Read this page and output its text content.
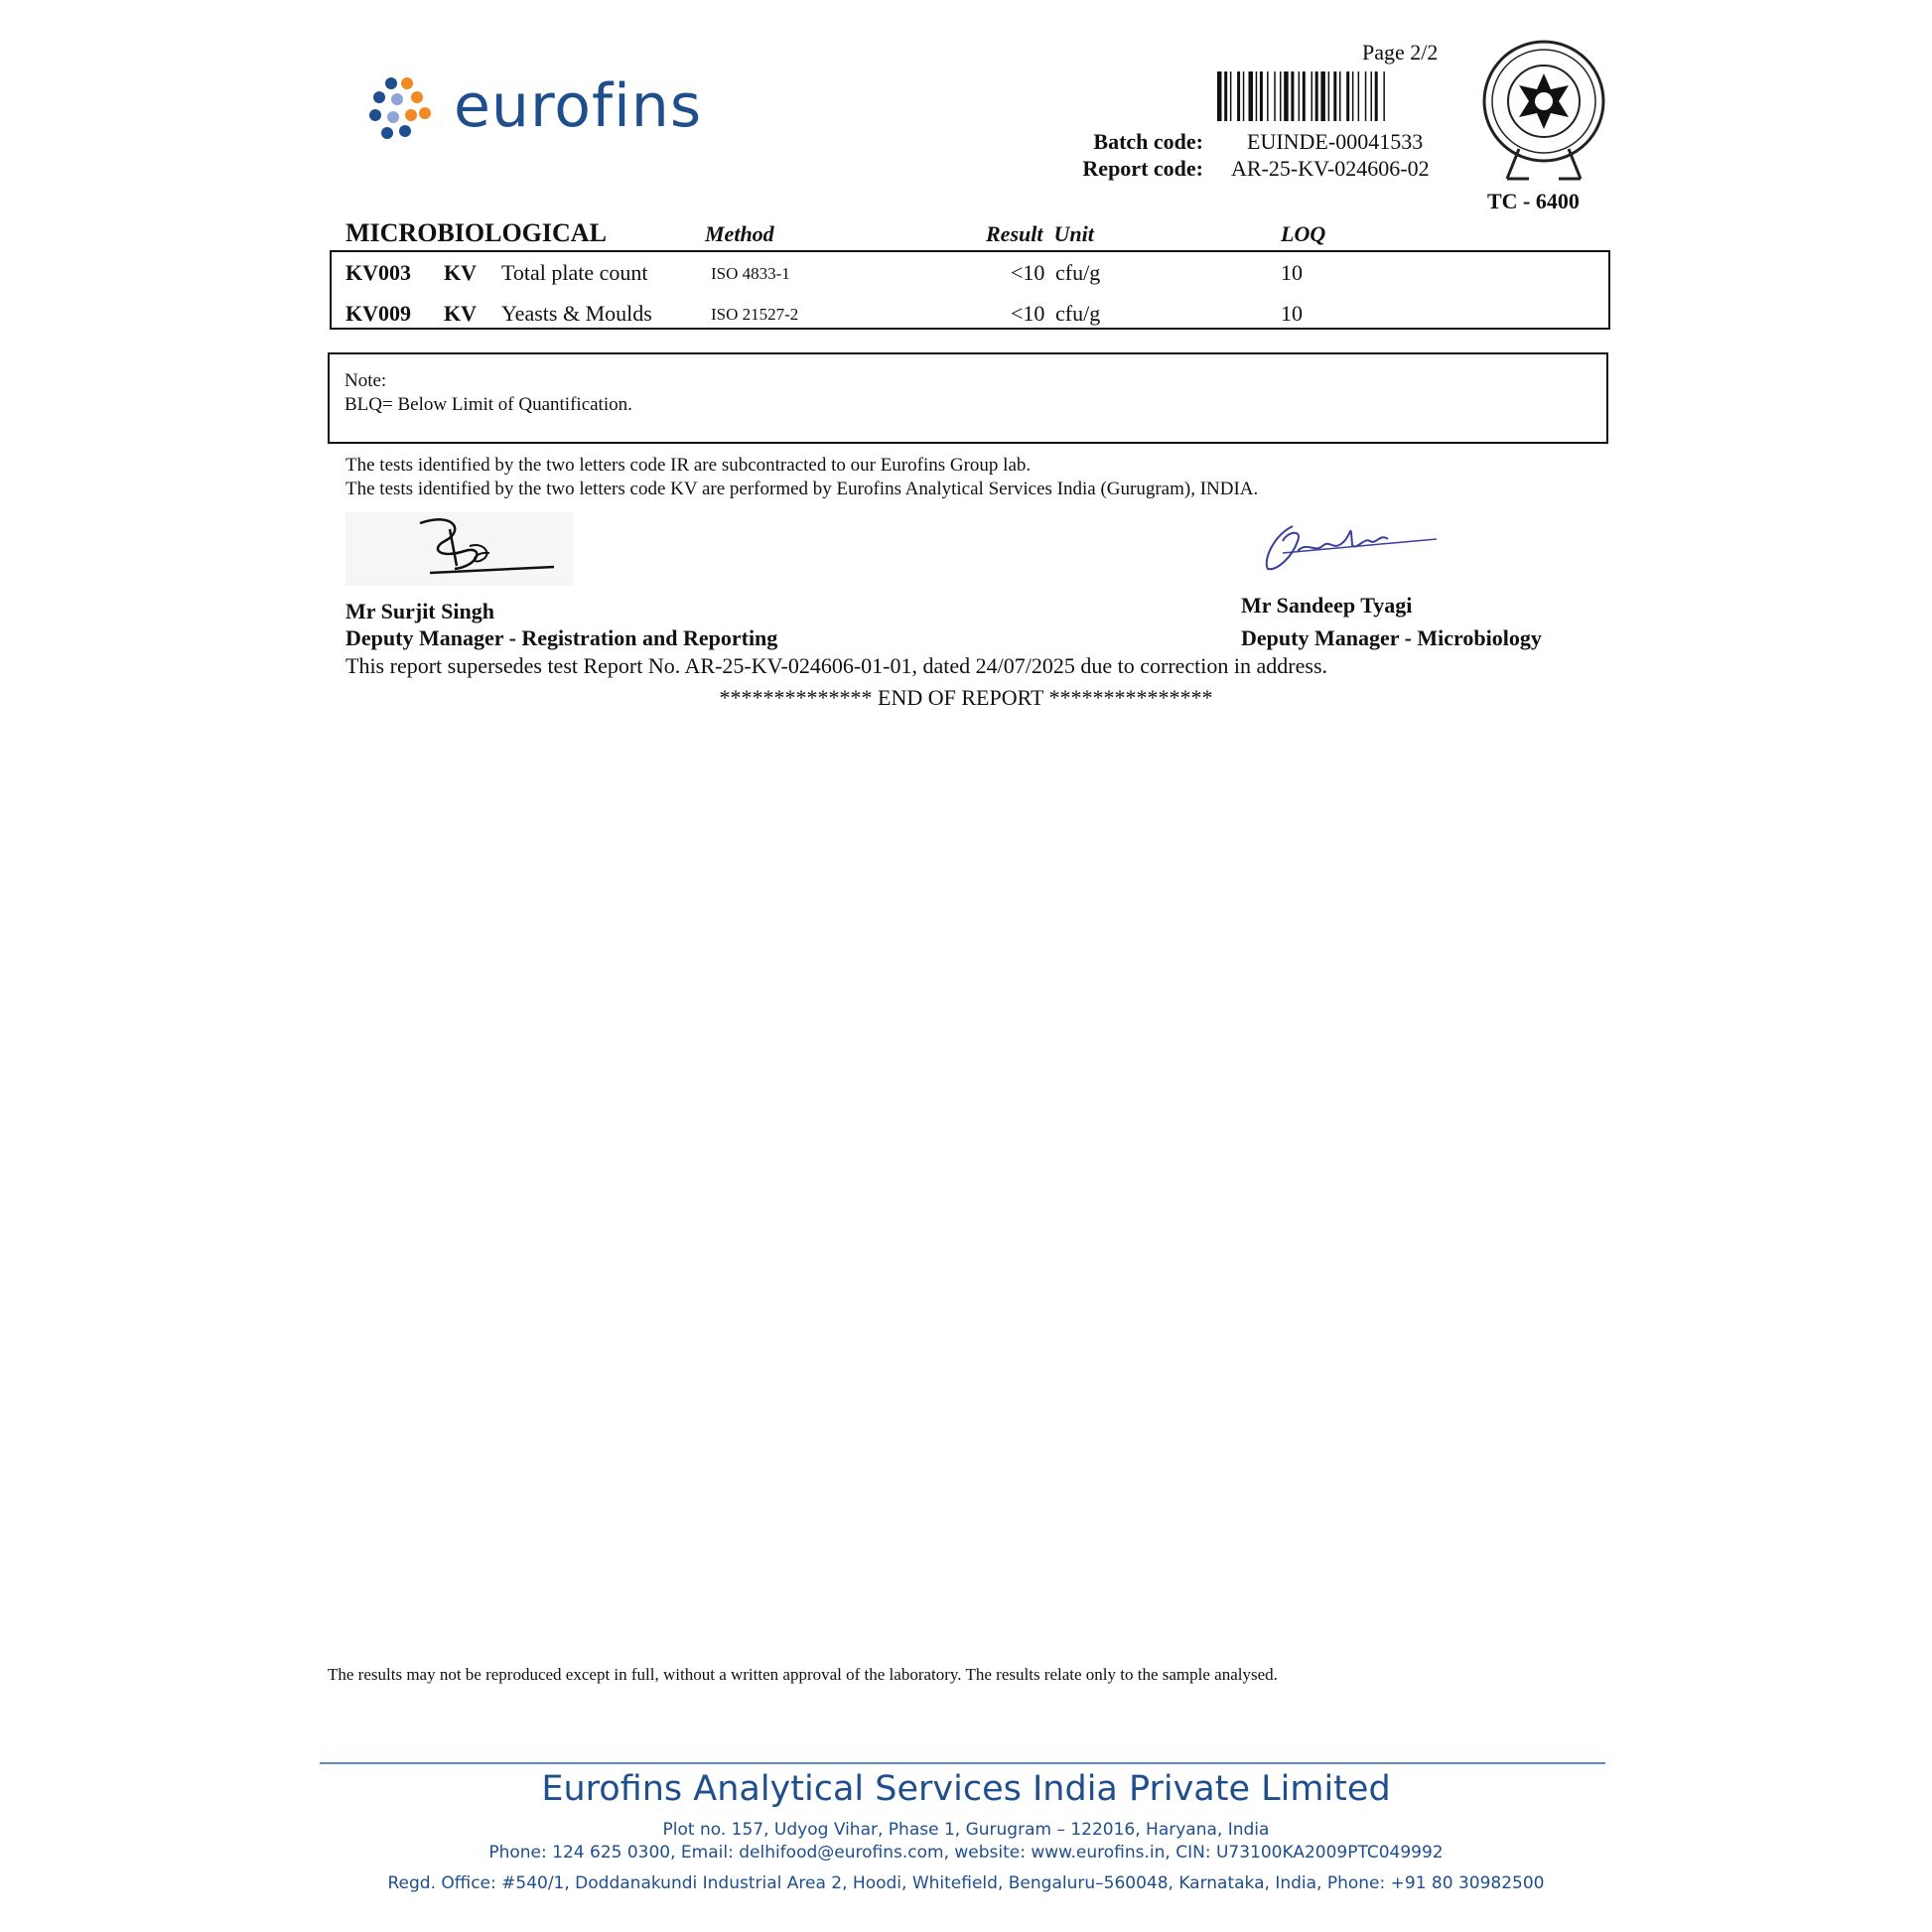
eurofins
Page 2/2
Batch code: EUINDE-00041533
Report code: AR-25-KV-024606-02
TC - 6400
MICROBIOLOGICAL	Method	Result  Unit	LOQ
KV003 KV Total plate count	ISO 4833-1	<10 cfu/g	10
KV009 KV Yeasts & Moulds	ISO 21527-2	<10 cfu/g	10
Note:
BLQ= Below Limit of Quantification.
The tests identified by the two letters code IR are subcontracted to our Eurofins Group lab.
The tests identified by the two letters code KV are performed by Eurofins Analytical Services India (Gurugram), INDIA.
Mr Surjit Singh
Deputy Manager - Registration and Reporting
Mr Sandeep Tyagi
Deputy Manager - Microbiology
This report supersedes test Report No. AR-25-KV-024606-01-01, dated 24/07/2025 due to correction in address.
************** END OF REPORT ***************
The results may not be reproduced except in full, without a written approval of the laboratory. The results relate only to the sample analysed.
Eurofins Analytical Services India Private Limited
Plot no. 157, Udyog Vihar, Phase 1, Gurugram – 122016, Haryana, India
Phone: 124 625 0300, Email: delhifood@eurofins.com, website: www.eurofins.in, CIN: U73100KA2009PTC049992
Regd. Office: #540/1, Doddanakundi Industrial Area 2, Hoodi, Whitefield, Bengaluru–560048, Karnataka, India, Phone: +91 80 30982500
